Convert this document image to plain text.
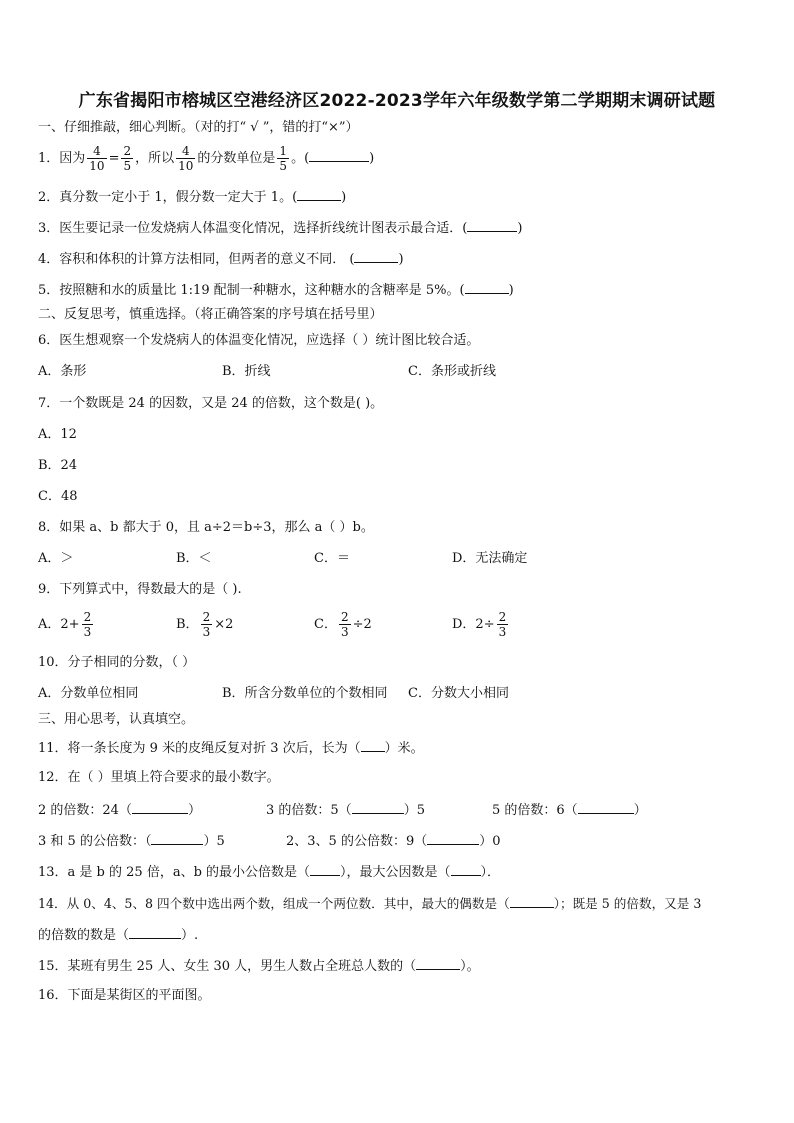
广东省揭阳市榕城区空港经济区2022-2023学年六年级数学第二学期期末调研试题
一、仔细推敲，细心判断。（对的打“ √ ”，错的打“×”）
1．因为 $\frac{4}{10} = \frac{2}{5}$ ，所以 $\frac{4}{10}$ 的分数单位是 $\frac{1}{5}$ 。(	)
2．真分数一定小于 1，假分数一定大于 1。(	)
3．医生要记录一位发烧病人体温变化情况，选择折线统计图表示最合适．(	)
4．容积和体积的计算方法相同，但两者的意义不同． (	)
5．按照糖和水的质量比 1:19 配制一种糖水，这种糖水的含糖率是 5%。(	)
二、反复思考，慎重选择。（将正确答案的序号填在括号里）
6．医生想观察一个发烧病人的体温变化情况，应选择（ ）统计图比较合适。
A．条形	B．折线	C．条形或折线
7．一个数既是 24 的因数，又是 24 的倍数，这个数是( )。
A．12
B．24
C．48
8．如果 a、b 都大于 0，且 a÷2＝b÷3，那么 a（ ）b。
A．＞	B．＜	C．＝	D．无法确定
9．下列算式中，得数最大的是（ ).
A．$2+ \frac{2}{3}$	B． $\frac{2}{3} \times 2$	C． $\frac{2}{3} \div 2$	D．$2\div \frac{2}{3}$
10．分子相同的分数，（ ）
A．分数单位相同	B．所含分数单位的个数相同 C．分数大小相同
三、用心思考，认真填空。
11．将一条长度为 9 米的皮绳反复对折 3 次后，长为（ ）米。
12．在（ ）里填上符合要求的最小数字。
2 的倍数：24（	）	3 的倍数：5（	）5	5 的倍数：6（	）
3 和 5 的公倍数：（	）5	2、3、5 的公倍数：9（	）0
13．a 是 b 的 25 倍，a、b 的最小公倍数是（ ），最大公因数是（ ）．
14．从 0、4、5、8 四个数中选出两个数，组成一个两位数．其中，最大的偶数是（	）；既是 5 的倍数，又是 3
的倍数的数是（	）.
15．某班有男生 25 人、女生 30 人，男生人数占全班总人数的（	）。
16．下面是某街区的平面图。
